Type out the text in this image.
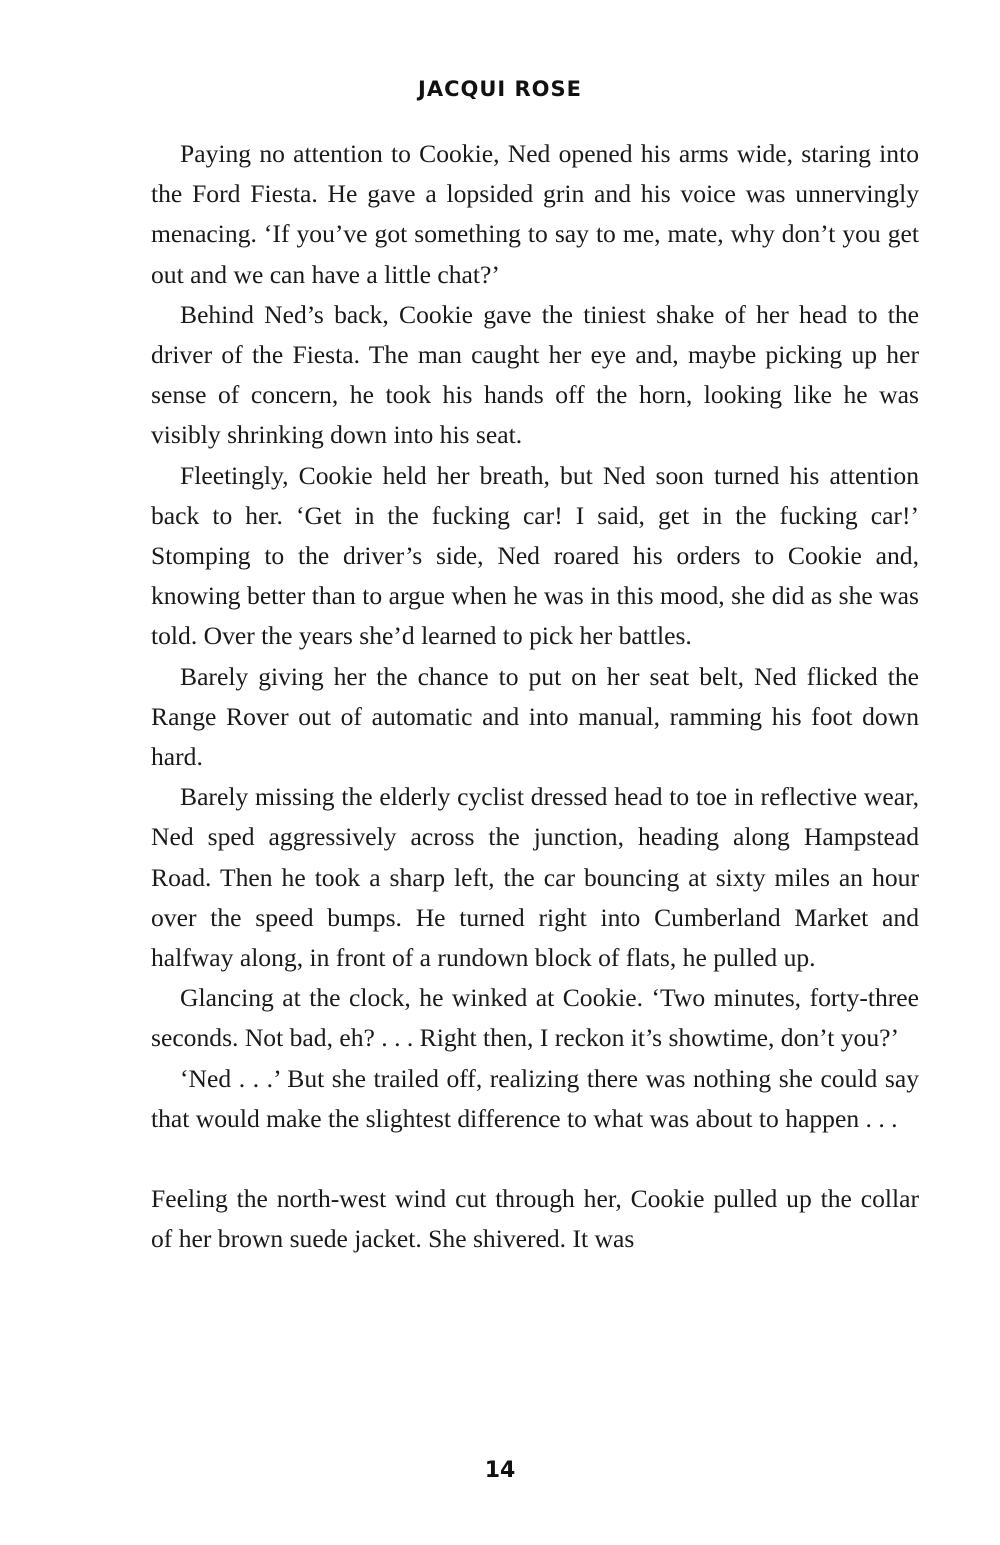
JACQUI ROSE

Paying no attention to Cookie, Ned opened his arms wide, staring into the Ford Fiesta. He gave a lopsided grin and his voice was unnervingly menacing. ‘If you’ve got something to say to me, mate, why don’t you get out and we can have a little chat?’

Behind Ned’s back, Cookie gave the tiniest shake of her head to the driver of the Fiesta. The man caught her eye and, maybe picking up her sense of concern, he took his hands off the horn, looking like he was visibly shrinking down into his seat.

Fleetingly, Cookie held her breath, but Ned soon turned his attention back to her. ‘Get in the fucking car! I said, get in the fucking car!’ Stomping to the driver’s side, Ned roared his orders to Cookie and, knowing better than to argue when he was in this mood, she did as she was told. Over the years she’d learned to pick her battles.

Barely giving her the chance to put on her seat belt, Ned flicked the Range Rover out of automatic and into manual, ramming his foot down hard.

Barely missing the elderly cyclist dressed head to toe in reflective wear, Ned sped aggressively across the junction, heading along Hampstead Road. Then he took a sharp left, the car bouncing at sixty miles an hour over the speed bumps. He turned right into Cumberland Market and halfway along, in front of a rundown block of flats, he pulled up.

Glancing at the clock, he winked at Cookie. ‘Two minutes, forty-three seconds. Not bad, eh? . . . Right then, I reckon it’s showtime, don’t you?’

‘Ned . . .’ But she trailed off, realizing there was nothing she could say that would make the slightest difference to what was about to happen . . .

Feeling the north-west wind cut through her, Cookie pulled up the collar of her brown suede jacket. She shivered. It was

14
